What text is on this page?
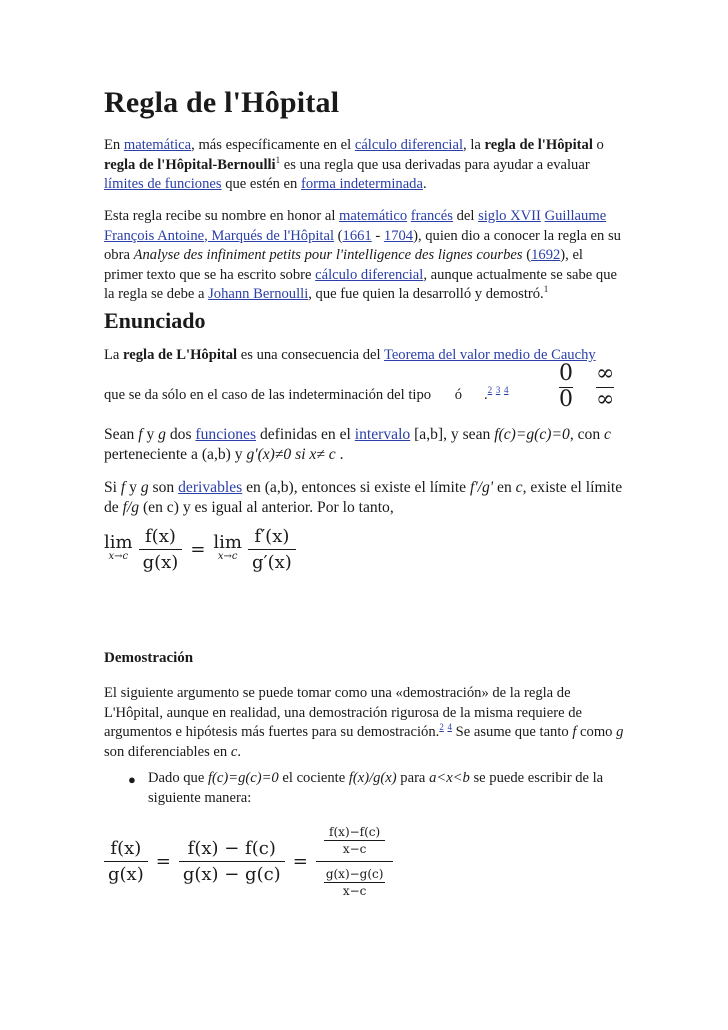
Regla de l'Hôpital

En matemática, más específicamente en el cálculo diferencial, la regla de l'Hôpital o regla de l'Hôpital-Bernoulli$^1$ es una regla que usa derivadas para ayudar a evaluar límites de funciones que estén en forma indeterminada.

Esta regla recibe su nombre en honor al matemático francés del siglo XVII Guillaume François Antoine, Marqués de l'Hôpital (1661 - 1704), quien dio a conocer la regla en su obra Analyse des infiniment petits pour l'intelligence des lignes courbes (1692), el primer texto que se ha escrito sobre cálculo diferencial, aunque actualmente se sabe que la regla se debe a Johann Bernoulli, que fue quien la desarrolló y demostró.$^1$

Enunciado

La regla de L'Hôpital es una consecuencia del Teorema del valor medio de Cauchy

$\frac{0}{0}$
∞
∞

que se da sólo en el caso de las indeterminación del tipo ó .$^2$ $^3$ $^4$

Sean f y g dos funciones definidas en el intervalo [a,b], y sean f(c)=g(c)=0, con c perteneciente a (a,b) y g'(x)≠0 si x≠ c .

Si f y g son derivables en (a,b), entonces si existe el límite f'/g' en c, existe el límite de f/g (en c) y es igual al anterior. Por lo tanto,

lim
$x\to c \frac{f(x)}{g(x)} = \lim$
x→c
f′(x)
g′(x)
Demostración

El siguiente argumento se puede tomar como una «demostración» de la regla de L'Hôpital, aunque en realidad, una demostración rigurosa de la misma requiere de argumentos e hipótesis más fuertes para su demostración.$^2$ $^4$ Se asume que tanto f como g son diferenciables en c.

● Dado que f(c)=g(c)=0 el cociente f(x)/g(x) para a<x<b se puede escribir de la siguiente manera:

$\frac{f(x)}{g(x)} = \frac{f(x) - f(c)}{g(x) - g(c)} = f(x)-f(c)$
x−c
g(x)−g(c)
x−c
